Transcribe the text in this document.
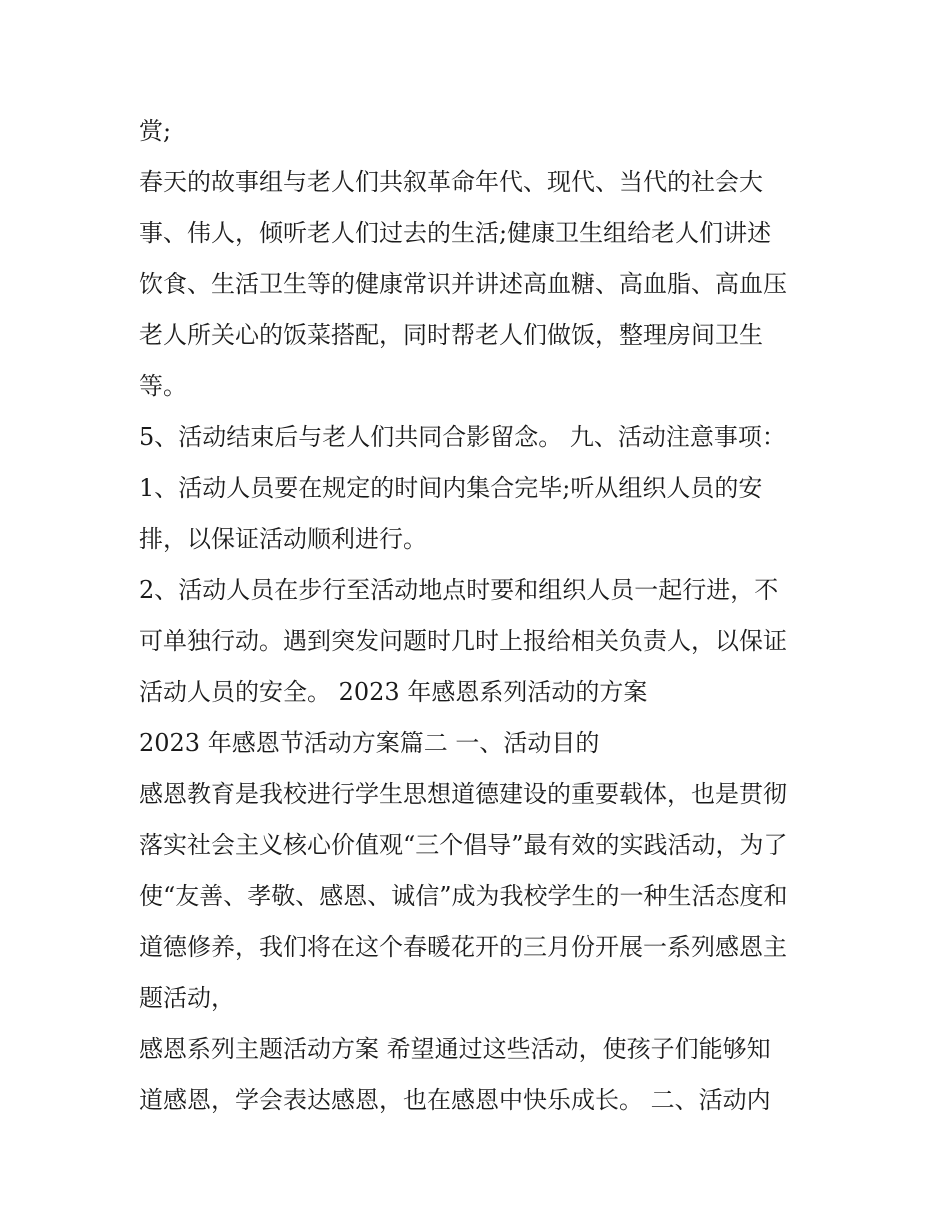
赏;
春天的故事组与老人们共叙革命年代、现代、当代的社会大
事、伟人，倾听老人们过去的生活;健康卫生组给老人们讲述
饮食、生活卫生等的健康常识并讲述高血糖、高血脂、高血压
老人所关心的饭菜搭配，同时帮老人们做饭，整理房间卫生
等。
5、活动结束后与老人们共同合影留念。 九、活动注意事项：
1、活动人员要在规定的时间内集合完毕;听从组织人员的安
排，以保证活动顺利进行。
2、活动人员在步行至活动地点时要和组织人员一起行进，不
可单独行动。遇到突发问题时几时上报给相关负责人，以保证
活动人员的安全。 2023 年感恩系列活动的方案
2023 年感恩节活动方案篇二 一、活动目的
感恩教育是我校进行学生思想道德建设的重要载体，也是贯彻
落实社会主义核心价值观“三个倡导”最有效的实践活动，为了
使“友善、孝敬、感恩、诚信”成为我校学生的一种生活态度和
道德修养，我们将在这个春暖花开的三月份开展一系列感恩主
题活动，
感恩系列主题活动方案 希望通过这些活动，使孩子们能够知
道感恩，学会表达感恩，也在感恩中快乐成长。 二、活动内
